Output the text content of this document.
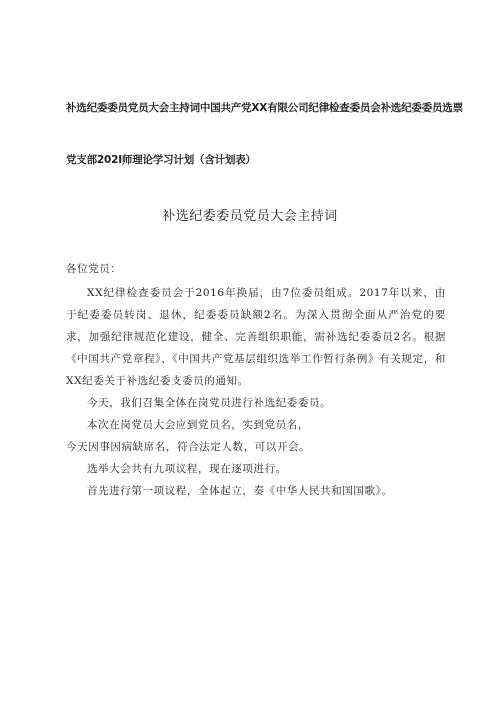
补选纪委委员党员大会主持词中国共产党XX有限公司纪律检查委员会补选纪委委员选票
党支部202I师理论学习计划（含计划表）
补选纪委委员党员大会主持词

各位党员：

XX纪律检查委员会于2016年换届，由7位委员组成。2017年以来，由于纪委委员转岗、退休，纪委委员缺额2名。为深入贯彻全面从严治党的要求，加强纪律规范化建设，健全、完善组织职能，需补选纪委委员2名。根据《中国共产党章程》、《中国共产党基层组织选举工作暂行条例》有关规定，和XX纪委关于补选纪委支委员的通知。

今天，我们召集全体在岗党员进行补选纪委委员。

本次在岗党员大会应到党员名，实到党员名，

今天因事因病缺席名，符合法定人数，可以开会。

选举大会共有九项议程，现在逐项进行。

首先进行第一项议程，全体起立，奏《中华人民共和国国歌》。
